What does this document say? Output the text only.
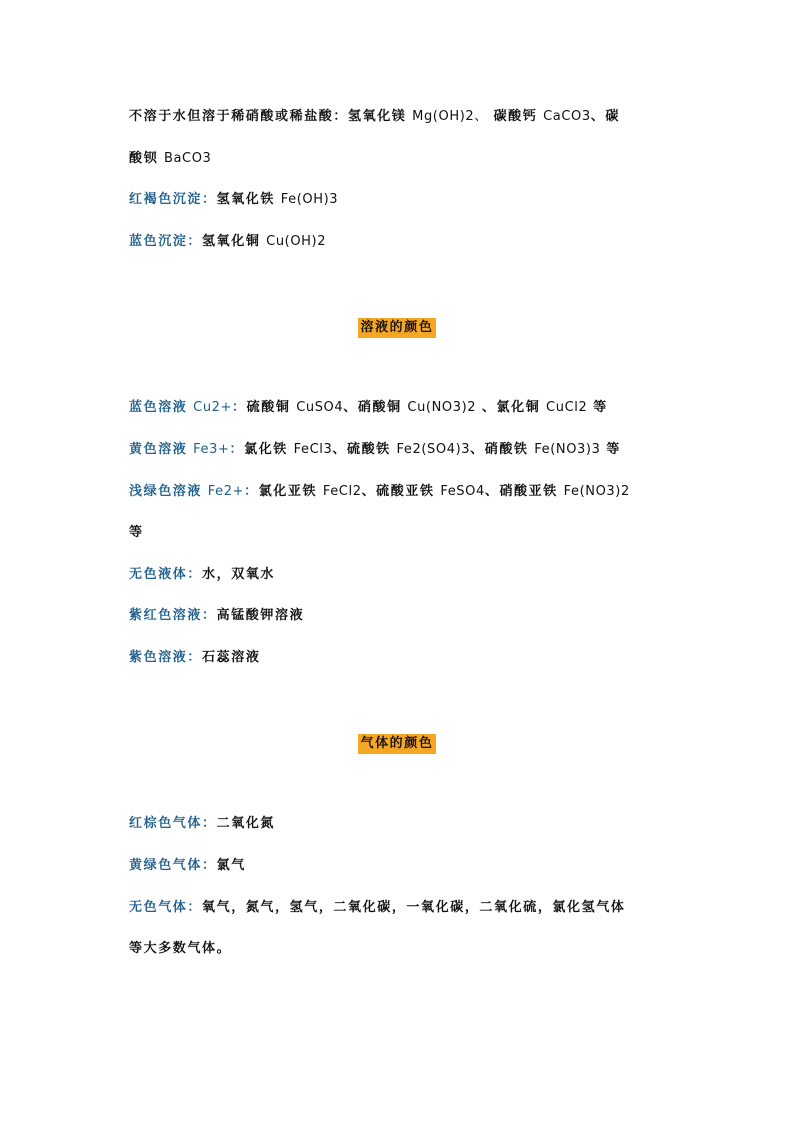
不溶于水但溶于稀硝酸或稀盐酸：氢氧化镁 Mg(OH)2、 碳酸钙 CaCO3、碳
酸钡 BaCO3
红褐色沉淀：氢氧化铁 Fe(OH)3
蓝色沉淀：氢氧化铜 Cu(OH)2
溶液的颜色
蓝色溶液 Cu2+：硫酸铜 CuSO4、硝酸铜 Cu(NO3)2 、氯化铜 CuCl2 等
黄色溶液 Fe3+：氯化铁 FeCl3、硫酸铁 Fe2(SO4)3、硝酸铁 Fe(NO3)3 等
浅绿色溶液 Fe2+：氯化亚铁 FeCl2、硫酸亚铁 FeSO4、硝酸亚铁 Fe(NO3)2
等
无色液体：水，双氧水
紫红色溶液：高锰酸钾溶液
紫色溶液：石蕊溶液
气体的颜色
红棕色气体：二氧化氮
黄绿色气体：氯气
无色气体：氧气，氮气，氢气，二氧化碳，一氧化碳，二氧化硫，氯化氢气体
等大多数气体。
